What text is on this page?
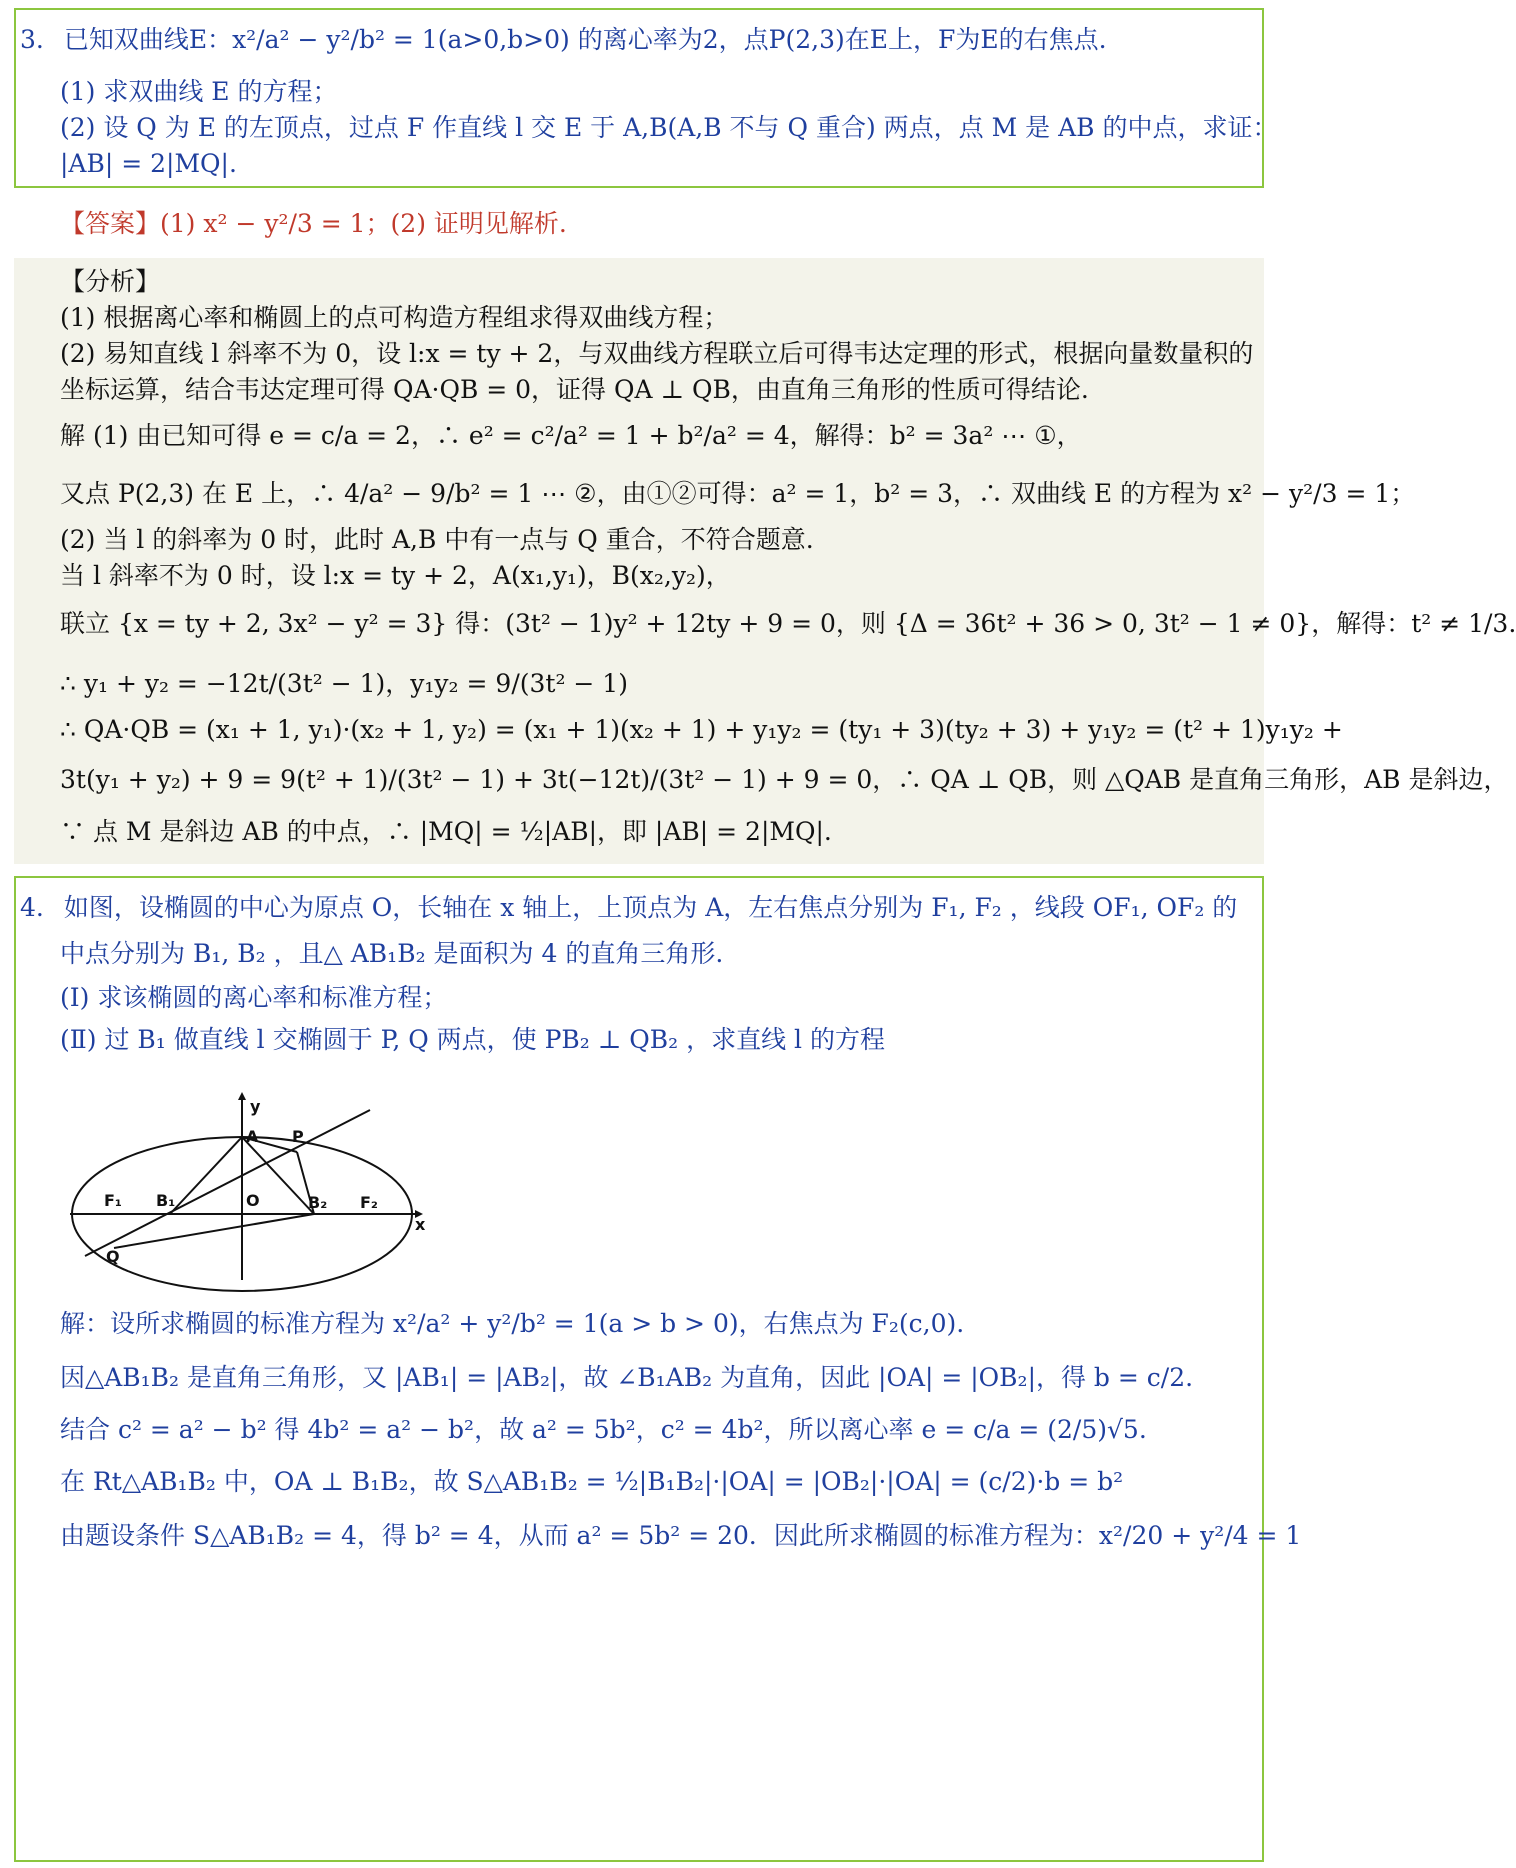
3. 已知双曲线E：x²/a² − y²/b² = 1(a>0,b>0) 的离心率为2，点P(2,3)在E上，F为E的右焦点.
(1) 求双曲线 E 的方程；
(2) 设 Q 为 E 的左顶点，过点 F 作直线 l 交 E 于 A,B(A,B 不与 Q 重合) 两点，点 M 是 AB 的中点，求证：
|AB| = 2|MQ|.
【答案】(1) x² − y²/3 = 1；(2) 证明见解析.
【分析】
(1) 根据离心率和椭圆上的点可构造方程组求得双曲线方程；
(2) 易知直线 l 斜率不为 0，设 l:x = ty + 2，与双曲线方程联立后可得韦达定理的形式，根据向量数量积的
坐标运算，结合韦达定理可得 QA·QB = 0，证得 QA ⊥ QB，由直角三角形的性质可得结论.
解 (1) 由已知可得 e = c/a = 2，∴ e² = c²/a² = 1 + b²/a² = 4，解得：b² = 3a² ⋯ ①，
又点 P(2,3) 在 E 上，∴ 4/a² − 9/b² = 1 ⋯ ②，由①②可得：a² = 1，b² = 3，∴ 双曲线 E 的方程为 x² − y²/3 = 1；
(2) 当 l 的斜率为 0 时，此时 A,B 中有一点与 Q 重合，不符合题意.
当 l 斜率不为 0 时，设 l:x = ty + 2，A(x₁,y₁)，B(x₂,y₂)，
联立 {x = ty + 2, 3x² − y² = 3} 得：(3t² − 1)y² + 12ty + 9 = 0，则 {Δ = 36t² + 36 > 0, 3t² − 1 ≠ 0}，解得：t² ≠ 1/3.
∴ y₁ + y₂ = −12t/(3t² − 1)，y₁y₂ = 9/(3t² − 1)
∴ QA·QB = (x₁ + 1, y₁)·(x₂ + 1, y₂) = (x₁ + 1)(x₂ + 1) + y₁y₂ = (ty₁ + 3)(ty₂ + 3) + y₁y₂ = (t² + 1)y₁y₂ +
3t(y₁ + y₂) + 9 = 9(t² + 1)/(3t² − 1) + 3t(−12t)/(3t² − 1) + 9 = 0，∴ QA ⊥ QB，则 △QAB 是直角三角形，AB 是斜边，
∵ 点 M 是斜边 AB 的中点，∴ |MQ| = ½|AB|，即 |AB| = 2|MQ|.
4. 如图，设椭圆的中心为原点 O，长轴在 x 轴上，上顶点为 A，左右焦点分别为 F₁, F₂ ，线段 OF₁, OF₂ 的
中点分别为 B₁, B₂ ，且△ AB₁B₂ 是面积为 4 的直角三角形.
(Ⅰ) 求该椭圆的离心率和标准方程；
(Ⅱ) 过 B₁ 做直线 l 交椭圆于 P, Q 两点，使 PB₂ ⊥ QB₂ ，求直线 l 的方程
y
x
A P
O
F₁ B₁	B₂ F₂
Q
解：设所求椭圆的标准方程为 x²/a² + y²/b² = 1(a > b > 0)，右焦点为 F₂(c,0).
因△AB₁B₂ 是直角三角形，又 |AB₁| = |AB₂|，故 ∠B₁AB₂ 为直角，因此 |OA| = |OB₂|，得 b = c/2.
结合 c² = a² − b² 得 4b² = a² − b²，故 a² = 5b²，c² = 4b²，所以离心率 e = c/a = (2/5)√5.
在 Rt△AB₁B₂ 中，OA ⊥ B₁B₂，故 S△AB₁B₂ = ½|B₁B₂|·|OA| = |OB₂|·|OA| = (c/2)·b = b²
由题设条件 S△AB₁B₂ = 4，得 b² = 4，从而 a² = 5b² = 20．因此所求椭圆的标准方程为：x²/20 + y²/4 = 1
